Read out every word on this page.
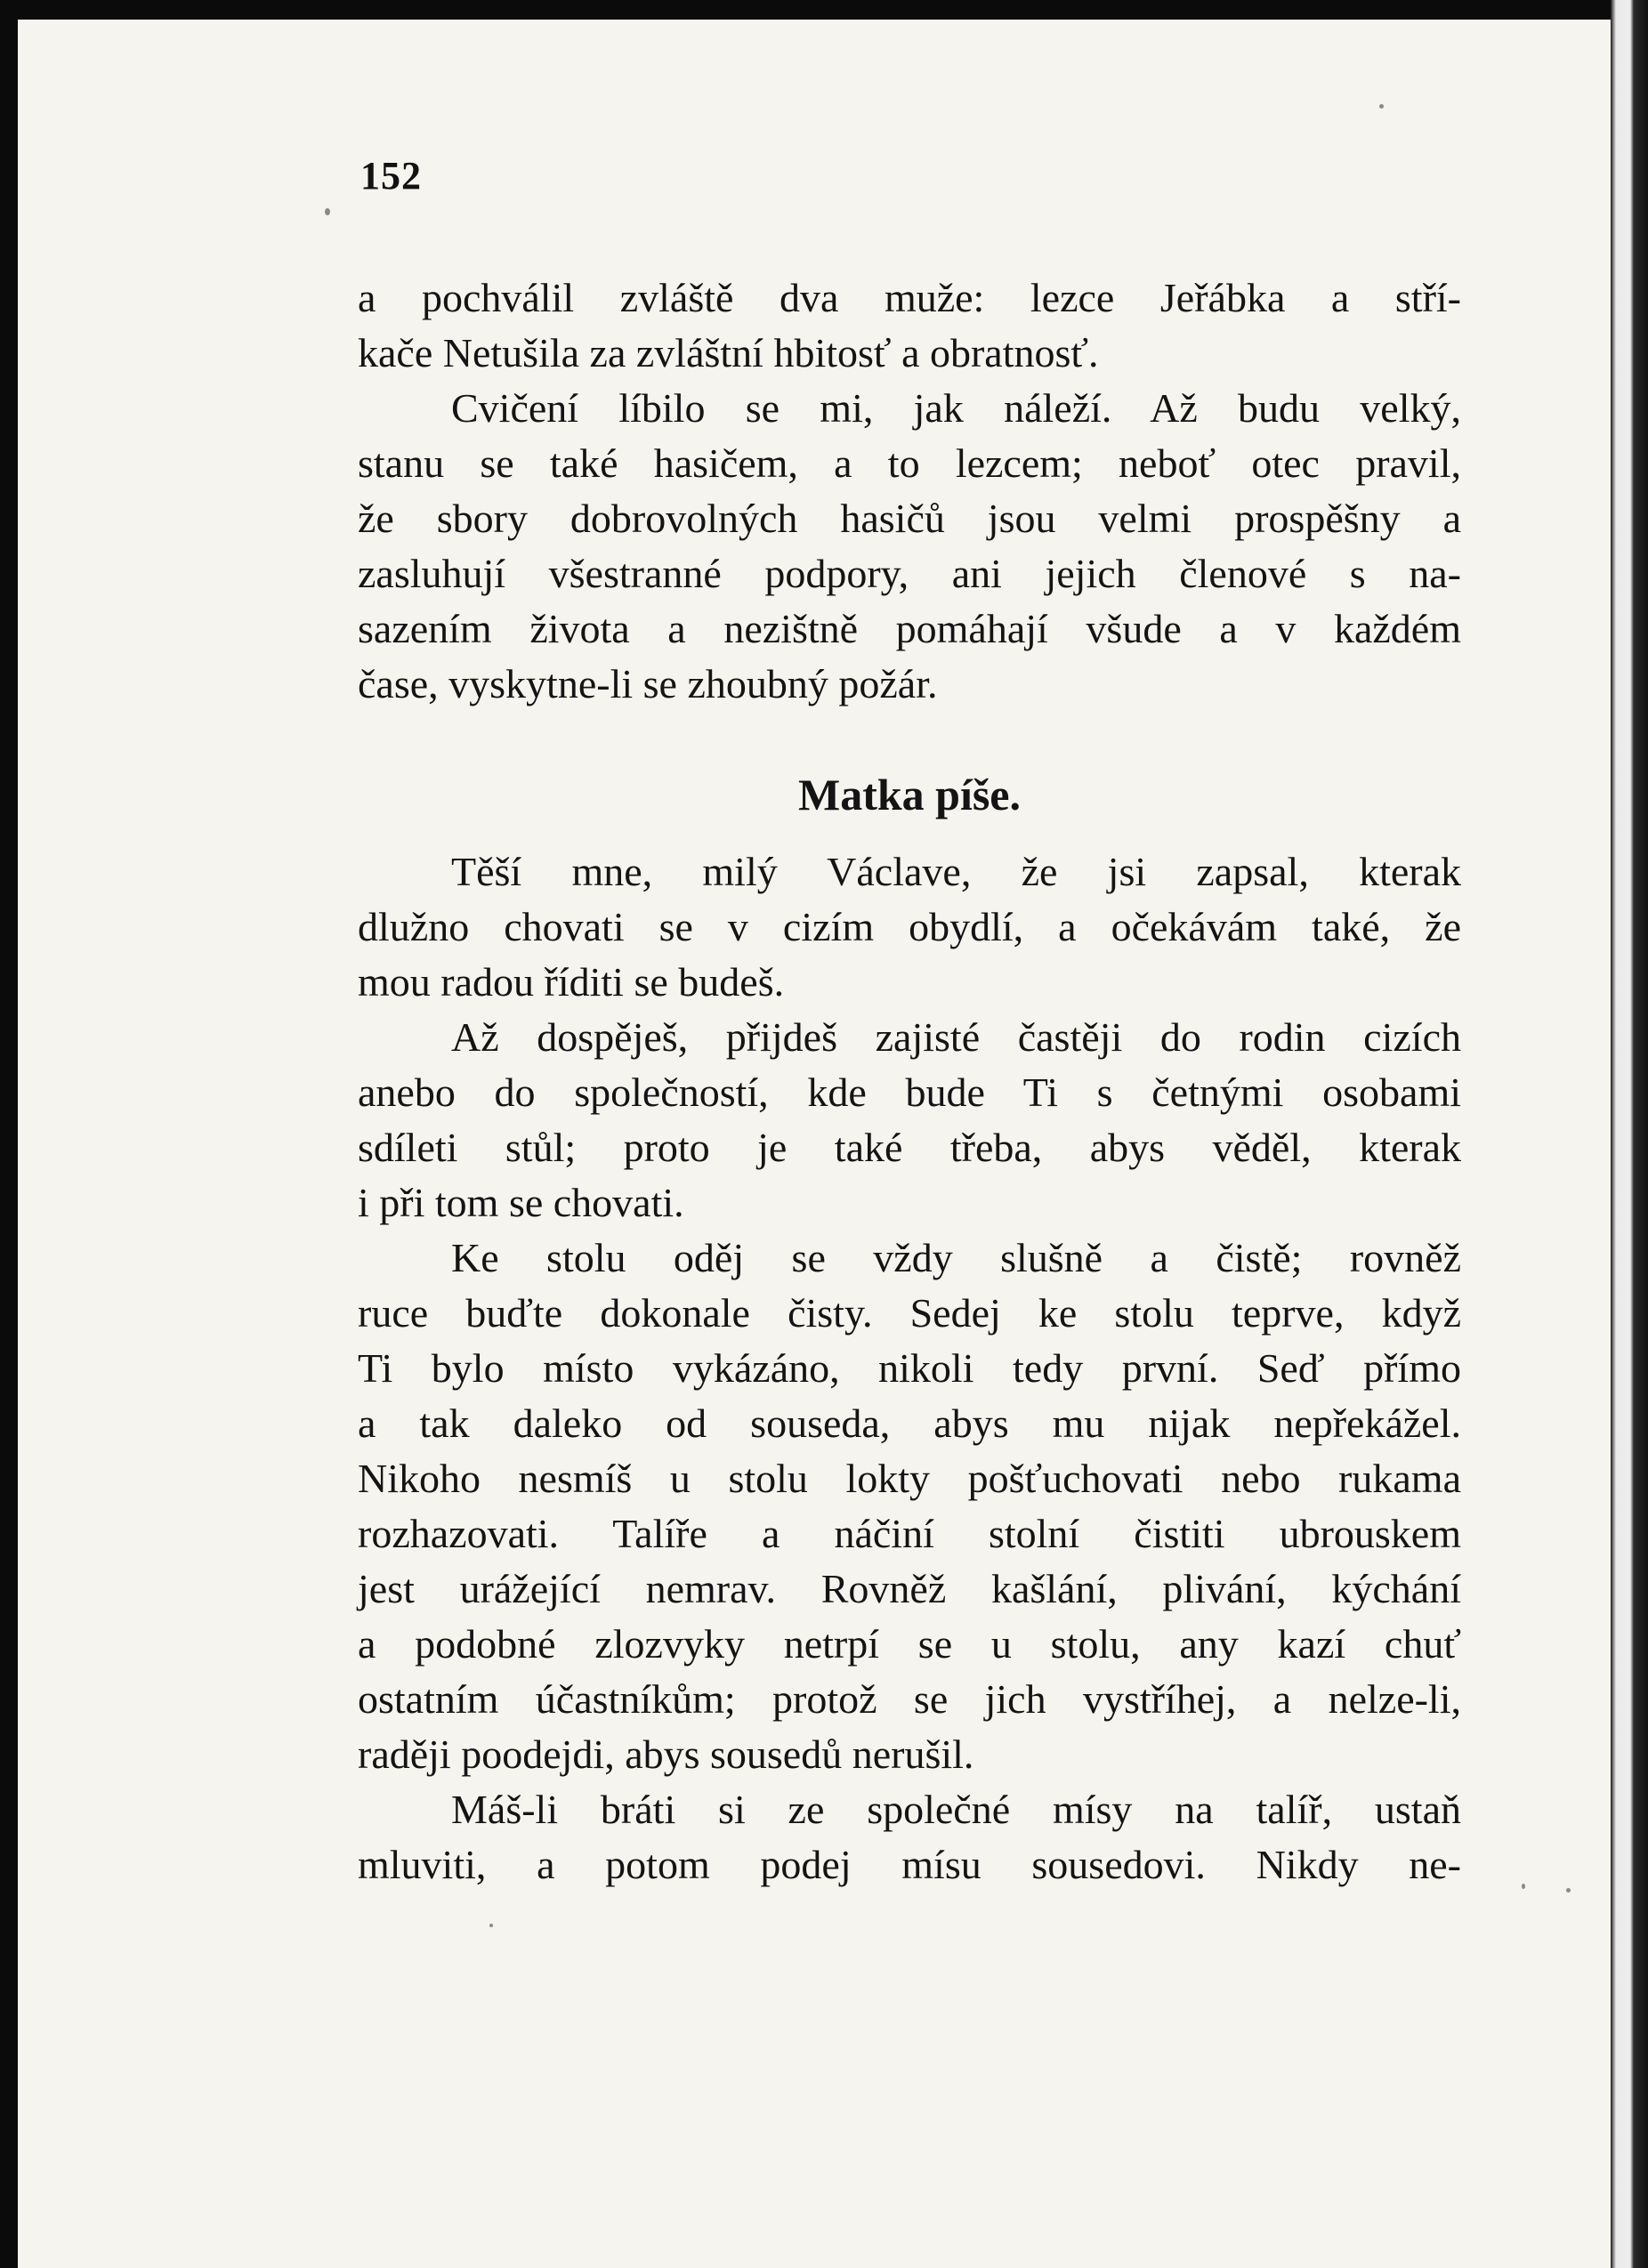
152
a pochválil zvláště dva muže: lezce Jeřábka a stří-
kače Netušila za zvláštní hbitosť a obratnosť.
Cvičení líbilo se mi, jak náleží. Až budu velký,
stanu se také hasičem, a to lezcem; neboť otec pravil,
že sbory dobrovolných hasičů jsou velmi prospěšny a
zasluhují všestranné podpory, ani jejich členové s na-
sazením života a nezištně pomáhají všude a v každém
čase, vyskytne-li se zhoubný požár.
Matka píše.
Těší mne, milý Václave, že jsi zapsal, kterak
dlužno chovati se v cizím obydlí, a očekávám také, že
mou radou říditi se budeš.
Až dospěješ, přijdeš zajisté častěji do rodin cizích
anebo do společností, kde bude Ti s četnými osobami
sdíleti stůl; proto je také třeba, abys věděl, kterak
i při tom se chovati.
Ke stolu oděj se vždy slušně a čistě; rovněž
ruce buďte dokonale čisty. Sedej ke stolu teprve, když
Ti bylo místo vykázáno, nikoli tedy první. Seď přímo
a tak daleko od souseda, abys mu nijak nepřekážel.
Nikoho nesmíš u stolu lokty pošťuchovati nebo rukama
rozhazovati. Talíře a náčiní stolní čistiti ubrouskem
jest urážející nemrav. Rovněž kašlání, plivání, kýchání
a podobné zlozvyky netrpí se u stolu, any kazí chuť
ostatním účastníkům; protož se jich vystříhej, a nelze-li,
raději poodejdi, abys sousedů nerušil.
Máš-li bráti si ze společné mísy na talíř, ustaň
mluviti, a potom podej mísu sousedovi. Nikdy ne-
